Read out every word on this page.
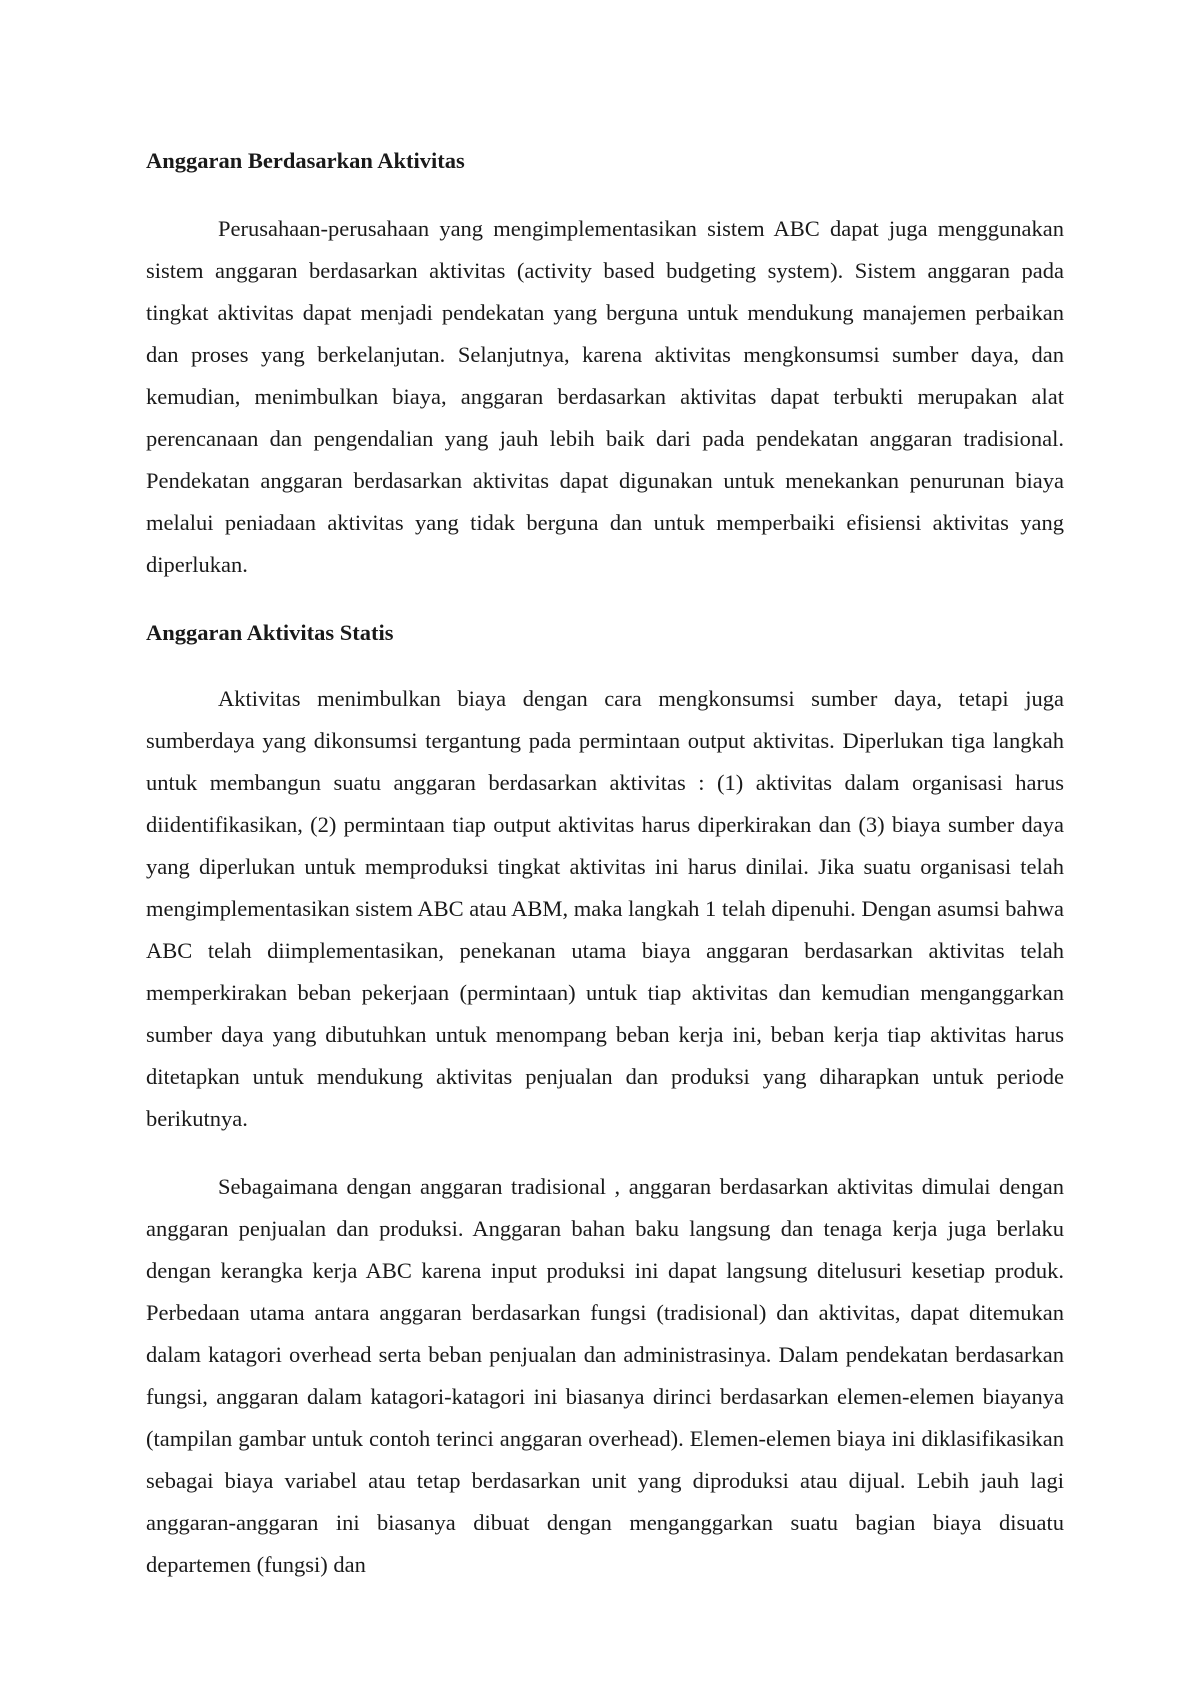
Anggaran Berdasarkan Aktivitas

Perusahaan-perusahaan yang mengimplementasikan sistem ABC dapat juga menggunakan sistem anggaran berdasarkan aktivitas (activity based budgeting system). Sistem anggaran pada tingkat aktivitas dapat menjadi pendekatan yang berguna untuk mendukung manajemen perbaikan dan proses yang berkelanjutan. Selanjutnya, karena aktivitas mengkonsumsi sumber daya, dan kemudian, menimbulkan biaya, anggaran berdasarkan aktivitas dapat terbukti merupakan alat perencanaan dan pengendalian yang jauh lebih baik dari pada pendekatan anggaran tradisional. Pendekatan anggaran berdasarkan aktivitas dapat digunakan untuk menekankan penurunan biaya melalui peniadaan aktivitas yang tidak berguna dan untuk memperbaiki efisiensi aktivitas yang diperlukan.

Anggaran Aktivitas Statis

Aktivitas menimbulkan biaya dengan cara mengkonsumsi sumber daya, tetapi juga sumberdaya yang dikonsumsi tergantung pada permintaan output aktivitas. Diperlukan tiga langkah untuk membangun suatu anggaran berdasarkan aktivitas : (1) aktivitas dalam organisasi harus diidentifikasikan, (2) permintaan tiap output aktivitas harus diperkirakan dan (3) biaya sumber daya yang diperlukan untuk memproduksi tingkat aktivitas ini harus dinilai. Jika suatu organisasi telah mengimplementasikan sistem ABC atau ABM, maka langkah 1 telah dipenuhi. Dengan asumsi bahwa ABC telah diimplementasikan, penekanan utama biaya anggaran berdasarkan aktivitas telah memperkirakan beban pekerjaan (permintaan) untuk tiap aktivitas dan kemudian menganggarkan sumber daya yang dibutuhkan untuk menompang beban kerja ini, beban kerja tiap aktivitas harus ditetapkan untuk mendukung aktivitas penjualan dan produksi yang diharapkan untuk periode berikutnya.

Sebagaimana dengan anggaran tradisional , anggaran berdasarkan aktivitas dimulai dengan anggaran penjualan dan produksi. Anggaran bahan baku langsung dan tenaga kerja juga berlaku dengan kerangka kerja ABC karena input produksi ini dapat langsung ditelusuri kesetiap produk. Perbedaan utama antara anggaran berdasarkan fungsi (tradisional) dan aktivitas, dapat ditemukan dalam katagori overhead serta beban penjualan dan administrasinya. Dalam pendekatan berdasarkan fungsi, anggaran dalam katagori-katagori ini biasanya dirinci berdasarkan elemen-elemen biayanya (tampilan gambar untuk contoh terinci anggaran overhead). Elemen-elemen biaya ini diklasifikasikan sebagai biaya variabel atau tetap berdasarkan unit yang diproduksi atau dijual. Lebih jauh lagi anggaran-anggaran ini biasanya dibuat dengan menganggarkan suatu bagian biaya disuatu departemen (fungsi) dan
